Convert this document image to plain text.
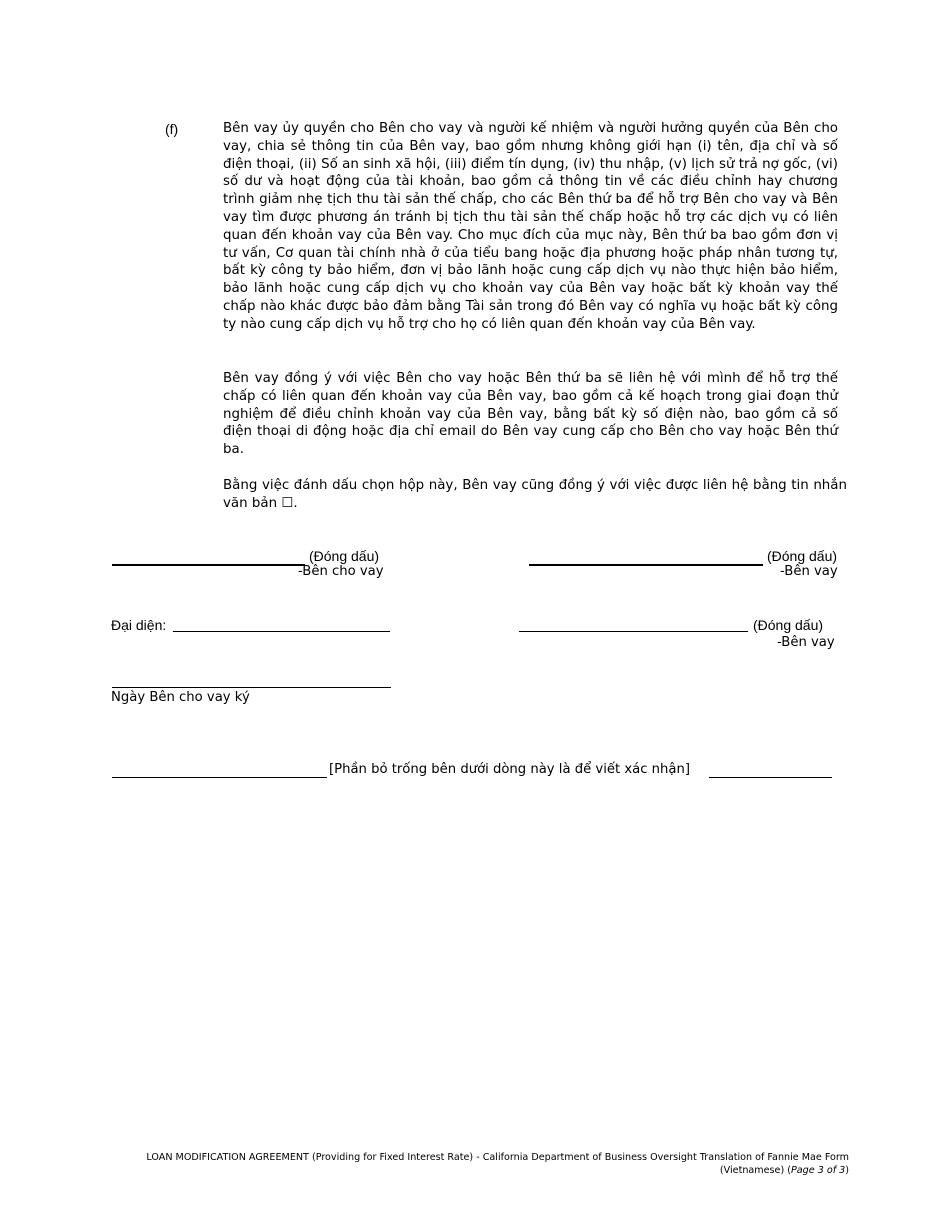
(f)	Bên vay ủy quyền cho Bên cho vay và người kế nhiệm và người hưởng quyền của Bên cho vay, chia sẻ thông tin của Bên vay, bao gồm nhưng không giới hạn (i) tên, địa chỉ và số điện thoại, (ii) Số an sinh xã hội, (iii) điểm tín dụng, (iv) thu nhập, (v) lịch sử trả nợ gốc, (vi) số dư và hoạt động của tài khoản, bao gồm cả thông tin về các điều chỉnh hay chương trình giảm nhẹ tịch thu tài sản thế chấp, cho các Bên thứ ba để hỗ trợ Bên cho vay và Bên vay tìm được phương án tránh bị tịch thu tài sản thế chấp hoặc hỗ trợ các dịch vụ có liên quan đến khoản vay của Bên vay. Cho mục đích của mục này, Bên thứ ba bao gồm đơn vị tư vấn, Cơ quan tài chính nhà ở của tiểu bang hoặc địa phương hoặc pháp nhân tương tự, bất kỳ công ty bảo hiểm, đơn vị bảo lãnh hoặc cung cấp dịch vụ nào thực hiện bảo hiểm, bảo lãnh hoặc cung cấp dịch vụ cho khoản vay của Bên vay hoặc bất kỳ khoản vay thế chấp nào khác được bảo đảm bằng Tài sản trong đó Bên vay có nghĩa vụ hoặc bất kỳ công ty nào cung cấp dịch vụ hỗ trợ cho họ có liên quan đến khoản vay của Bên vay.

Bên vay đồng ý với việc Bên cho vay hoặc Bên thứ ba sẽ liên hệ với mình để hỗ trợ thế chấp có liên quan đến khoản vay của Bên vay, bao gồm cả kế hoạch trong giai đoạn thử nghiệm để điều chỉnh khoản vay của Bên vay, bằng bất kỳ số điện nào, bao gồm cả số điện thoại di động hoặc địa chỉ email do Bên vay cung cấp cho Bên cho vay hoặc Bên thứ ba.

Bằng việc đánh dấu chọn hộp này, Bên vay cũng đồng ý với việc được liên hệ bằng tin nhắn văn bản ☐.

(Đóng dấu)
-Bên cho vay
(Đóng dấu)
-Bên vay
Đại diện:	(Đóng dấu)
-Bên vay
Ngày Bên cho vay ký
[Phần bỏ trống bên dưới dòng này là để viết xác nhận]
LOAN MODIFICATION AGREEMENT (Providing for Fixed Interest Rate) - California Department of Business Oversight Translation of Fannie Mae Form
(Vietnamese) (Page 3 of 3)
